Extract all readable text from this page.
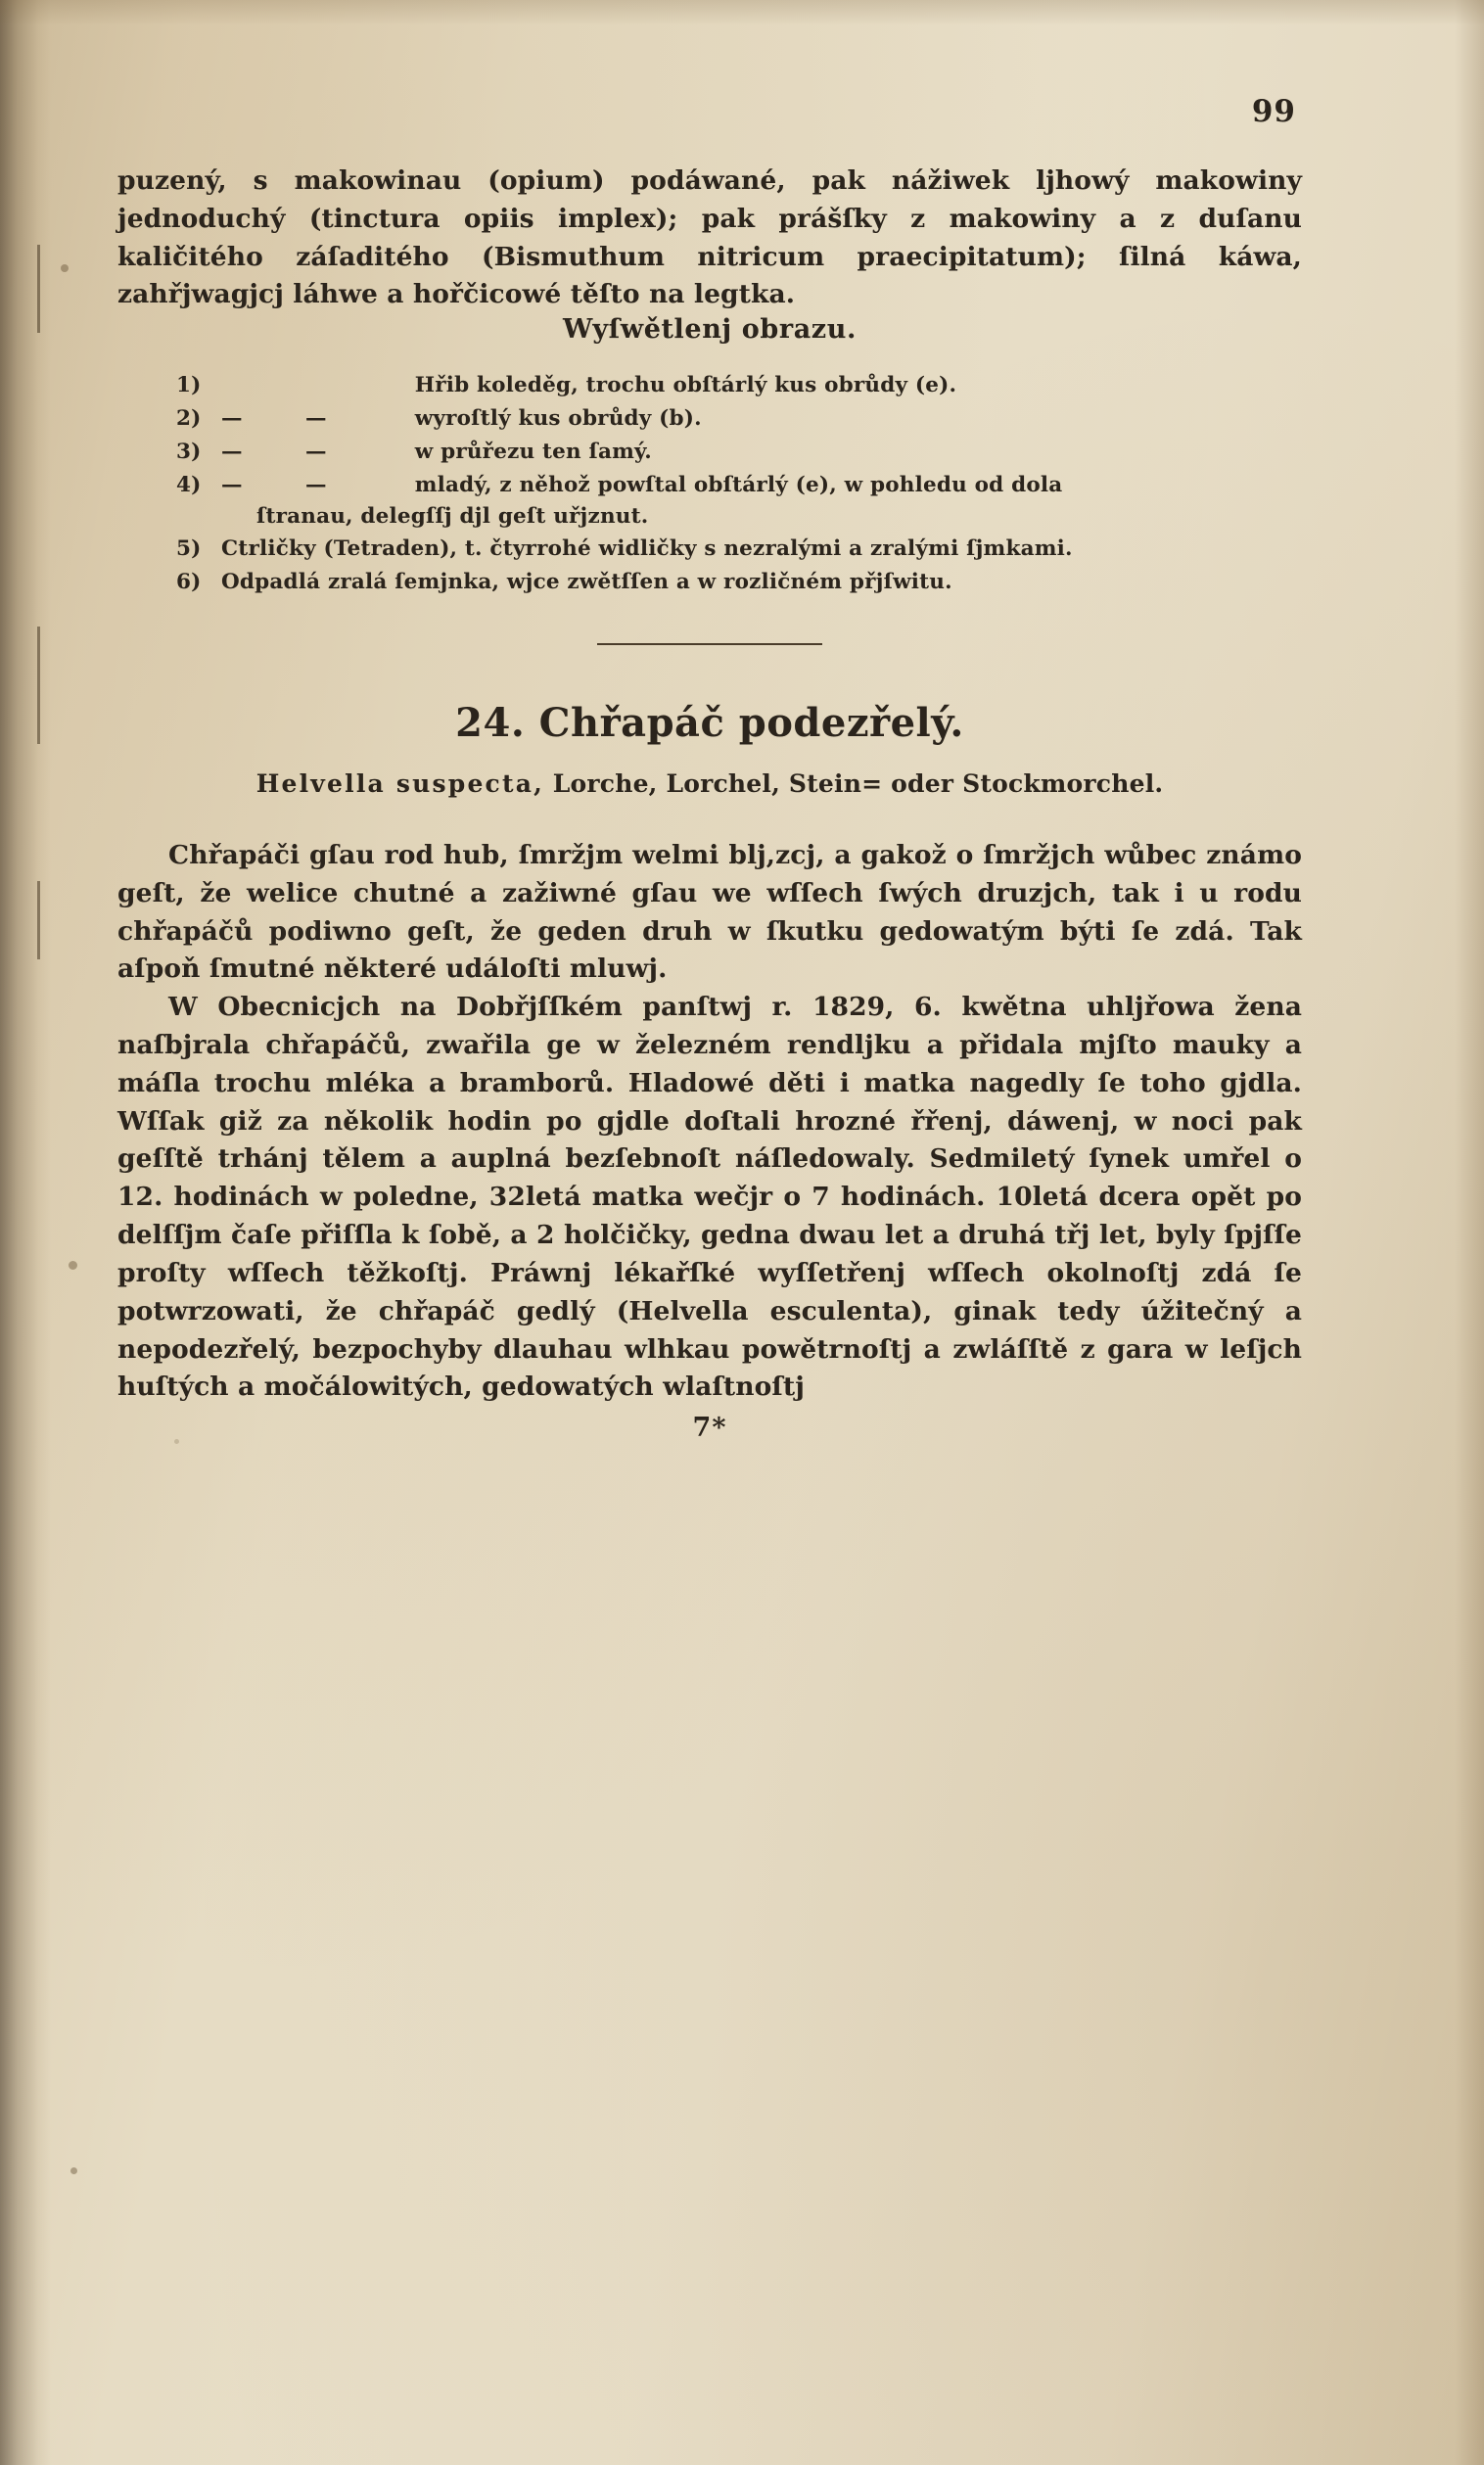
99

puzený, s makowinau (opium) podáwané, pak nážiwek ljhowý makowiny jednoduchý (tinctura opiis implex); pak prášſky z makowiny a z duſanu kaličitého záſaditého (Bismuthum nitricum praecipitatum); ſilná káwa, zahřjwagjcj láhwe a hořčicowé těſto na legtka.

Wyſwětlenj obrazu.
1)	Hřib koleděg, trochu obſtárlý kus obrůdy (e).
2) —	—	wyroſtlý kus obrůdy (b).
3) —	—	w průřezu ten ſamý.
4) —	—	mladý, z něhož powſtal obſtárlý (e), w pohledu od dola
ſtranau, delegſſj djl geſt uřjznut.
5) Ctrličky (Tetraden), t. čtyrrohé widličky s nezralými a zralými ſjmkami.
6) Odpadlá zralá ſemjnka, wjce zwětſſen a w rozličném přjſwitu.
24. Chřapáč podezřelý.

Helvella suspecta, Lorche, Lorchel, Stein= oder Stockmorchel.

Chřapáči gſau rod hub, ſmržjm welmi blj,zcj, a gakož o ſmržjch wůbec známo geſt, že welice chutné a zažiwné gſau we wſſech ſwých druzjch, tak i u rodu chřapáčů podiwno geſt, že geden druh w ſkutku gedowatým býti ſe zdá. Tak aſpoň ſmutné některé událoſti mluwj.

W Obecnicjch na Dobřjſſkém panſtwj r. 1829, 6. kwětna uhljřowa žena naſbjrala chřapáčů, zwařila ge w železném rendljku a přidala mjſto mauky a máſla trochu mléka a bramborů. Hladowé děti i matka nagedly ſe toho gjdla. Wſſak giž za několik hodin po gjdle doſtali hrozné řřenj, dáwenj, w noci pak geſſtě trhánj tělem a auplná bezſebnoſt náſledowaly. Sedmiletý ſynek umřel o 12. hodinách w poledne, 32letá matka wečjr o 7 hodinách. 10letá dcera opět po delſſjm čaſe přiſſla k ſobě, a 2 holčičky, gedna dwau let a druhá třj let, byly ſpjſſe proſty wſſech těžkoſtj. Práwnj lékařſké wyſſetřenj wſſech okolnoſtj zdá ſe potwrzowati, že chřapáč gedlý (Helvella esculenta), ginak tedy úžitečný a nepodezřelý, bezpochyby dlauhau wlhkau powětrnoſtj a zwláſſtě z gara w leſjch huſtých a močálowitých, gedowatých wlaſtnoſtj

7*
